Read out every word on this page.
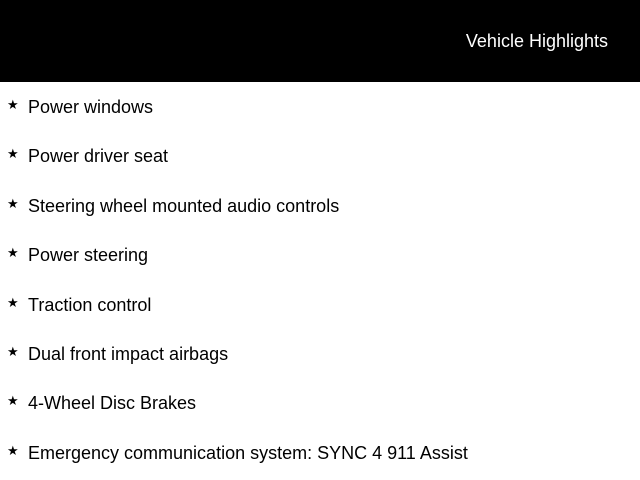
Vehicle Highlights
★ Power windows
★ Power driver seat
★ Steering wheel mounted audio controls
★ Power steering
★ Traction control
★ Dual front impact airbags
★ 4-Wheel Disc Brakes
★ Emergency communication system: SYNC 4 911 Assist
